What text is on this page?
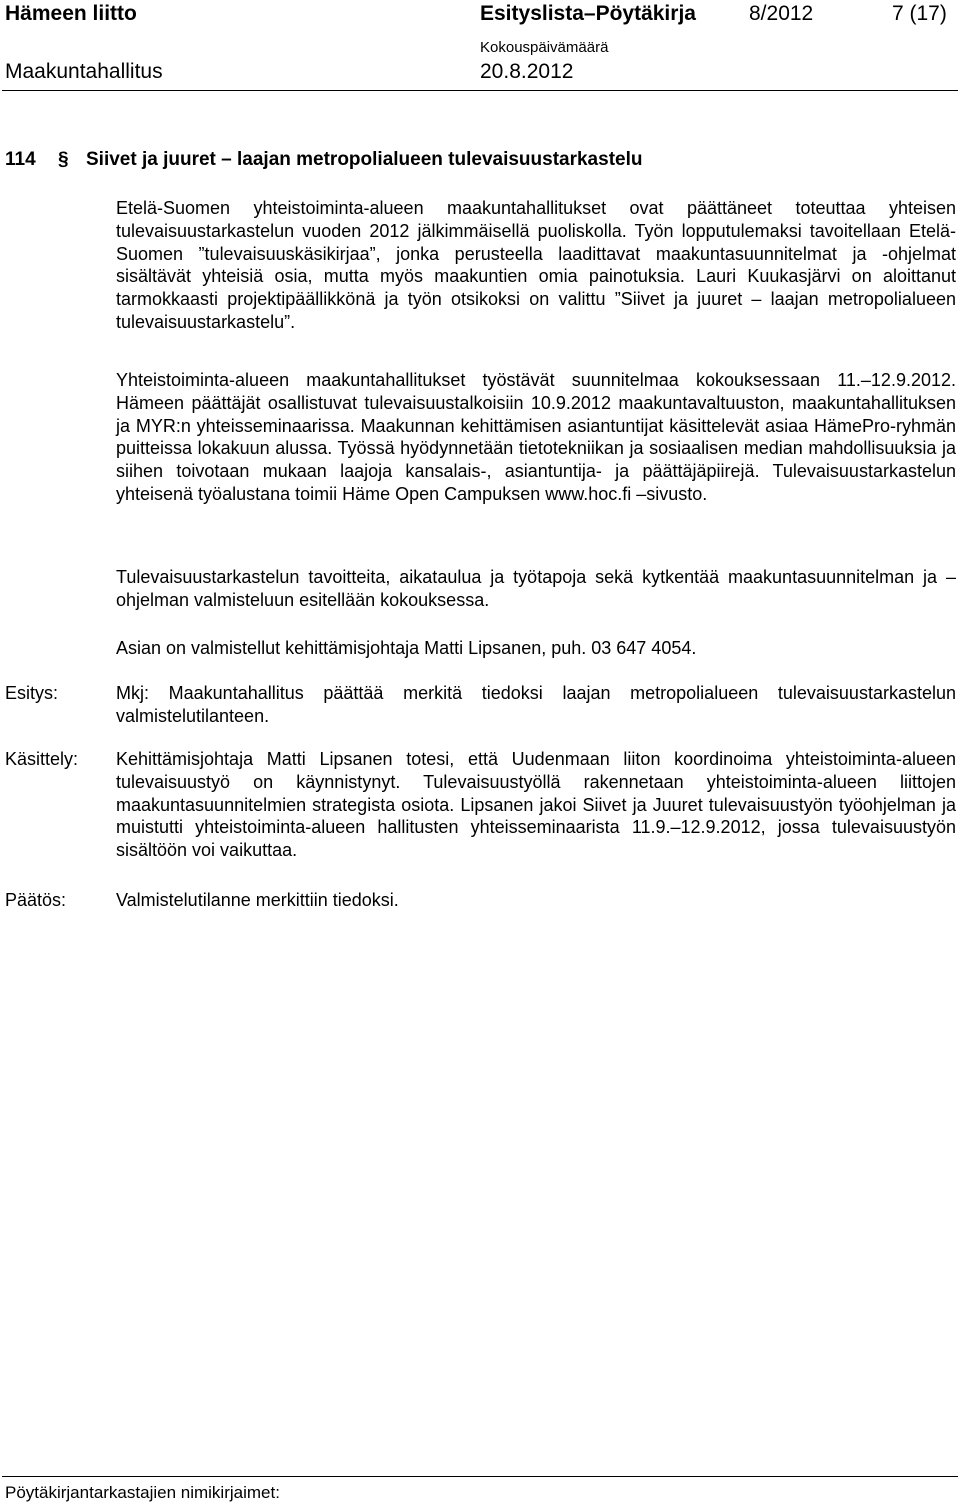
Hämeen liitto	Esityslista–Pöytäkirja	8/2012	7 (17)
Kokouspäivämäärä
Maakuntahallitus	20.8.2012
114 § Siivet ja juuret – laajan metropolialueen tulevaisuustarkastelu
Etelä-Suomen yhteistoiminta-alueen maakuntahallitukset ovat päättäneet toteuttaa yhteisen tulevaisuustarkastelun vuoden 2012 jälkimmäisellä puoliskolla. Työn lopputulemaksi tavoitellaan Etelä-Suomen ”tulevaisuuskäsikirjaa”, jonka perusteella laadittavat maakuntasuunnitelmat ja -ohjelmat sisältävät yhteisiä osia, mutta myös maakuntien omia painotuksia. Lauri Kuukasjärvi on aloittanut tarmokkaasti projektipäällikkönä ja työn otsikoksi on valittu ”Siivet ja juuret – laajan metropolialueen tulevaisuustarkastelu”.
Yhteistoiminta-alueen maakuntahallitukset työstävät suunnitelmaa kokouksessaan 11.–12.9.2012. Hämeen päättäjät osallistuvat tulevaisuustalkoisiin 10.9.2012 maakuntavaltuuston, maakuntahallituksen ja MYR:n yhteisseminaarissa. Maakunnan kehittämisen asiantuntijat käsittelevät asiaa HämePro-ryhmän puitteissa lokakuun alussa. Työssä hyödynnetään tietotekniikan ja sosiaalisen median mahdollisuuksia ja siihen toivotaan mukaan laajoja kansalais-, asiantuntija- ja päättäjäpiirejä. Tulevaisuustarkastelun yhteisenä työalustana toimii Häme Open Campuksen www.hoc.fi –sivusto.
Tulevaisuustarkastelun tavoitteita, aikataulua ja työtapoja sekä kytkentää maakuntasuunnitelman ja –ohjelman valmisteluun esitellään kokouksessa.
Asian on valmistellut kehittämisjohtaja Matti Lipsanen, puh. 03 647 4054.
Esitys:	Mkj: Maakuntahallitus päättää merkitä tiedoksi laajan metropolialueen tulevaisuustarkastelun valmistelutilanteen.
Käsittely: Kehittämisjohtaja Matti Lipsanen totesi, että Uudenmaan liiton koordinoima yhteistoiminta-alueen tulevaisuustyö on käynnistynyt. Tulevaisuustyöllä rakennetaan yhteistoiminta-alueen liittojen maakuntasuunnitelmien strategista osiota. Lipsanen jakoi Siivet ja Juuret tulevaisuustyön työohjelman ja muistutti yhteistoiminta-alueen hallitusten yhteisseminaarista 11.9.–12.9.2012, jossa tulevaisuustyön sisältöön voi vaikuttaa.
Päätös:	Valmistelutilanne merkittiin tiedoksi.
Pöytäkirjantarkastajien nimikirjaimet:
